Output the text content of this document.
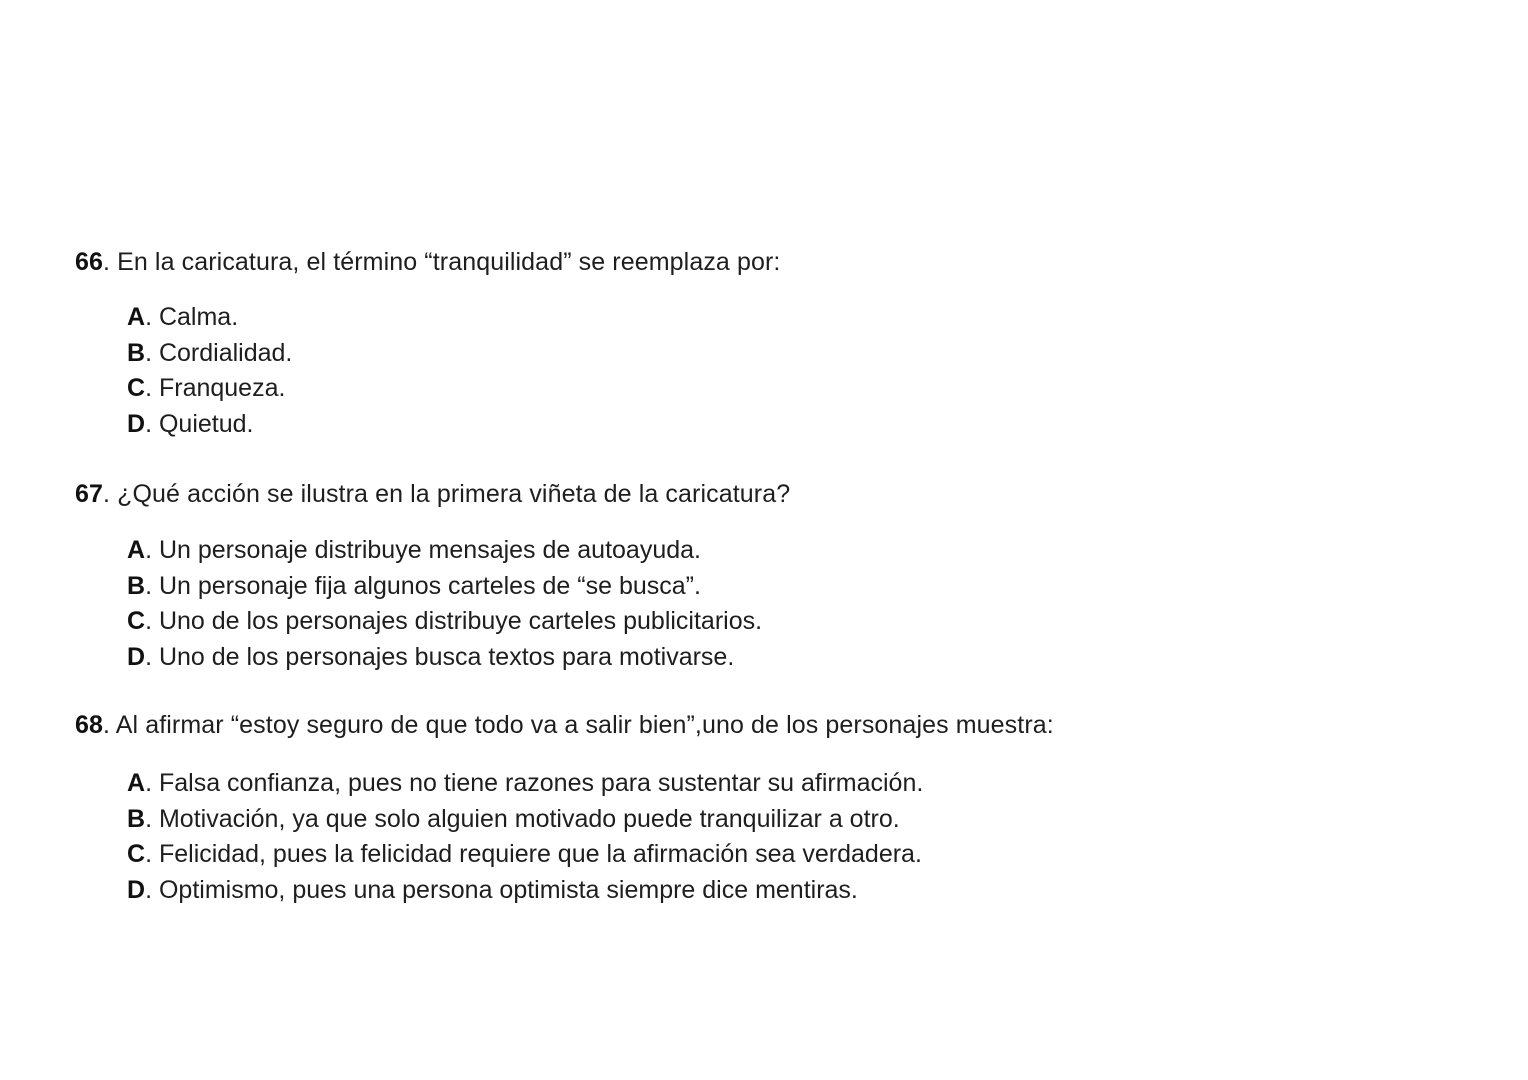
66. En la caricatura, el término “tranquilidad” se reemplaza por:
A. Calma.
B. Cordialidad.
C. Franqueza.
D. Quietud.
67. ¿Qué acción se ilustra en la primera viñeta de la caricatura?
A. Un personaje distribuye mensajes de autoayuda.
B. Un personaje fija algunos carteles de “se busca”.
C. Uno de los personajes distribuye carteles publicitarios.
D. Uno de los personajes busca textos para motivarse.
68. Al afirmar “estoy seguro de que todo va a salir bien”,uno de los personajes muestra:
A. Falsa confianza, pues no tiene razones para sustentar su afirmación.
B. Motivación, ya que solo alguien motivado puede tranquilizar a otro.
C. Felicidad, pues la felicidad requiere que la afirmación sea verdadera.
D. Optimismo, pues una persona optimista siempre dice mentiras.
